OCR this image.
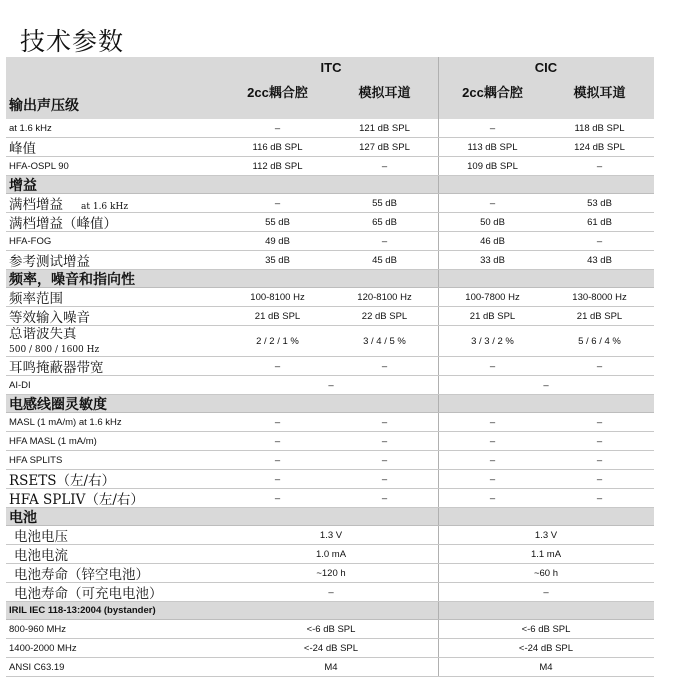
技术参数
输出声压级
ITC
2cc耦合腔	模拟耳道
CIC
2cc耦合腔	模拟耳道
at 1.6 kHz	–	121 dB SPL	–	118 dB SPL
峰值	116 dB SPL	127 dB SPL	113 dB SPL	124 dB SPL
HFA-OSPL 90	112 dB SPL	–	109 dB SPL	–
增益
满档增益 at 1.6 kHz	–	55 dB	–	53 dB
满档增益（峰值）	55 dB	65 dB	50 dB	61 dB
HFA-FOG	49 dB	–	46 dB	–
参考测试增益	35 dB	45 dB	33 dB	43 dB
频率，噪音和指向性
频率范围	100-8100 Hz	120-8100 Hz	100-7800 Hz	130-8000 Hz
等效输入噪音	21 dB SPL	22 dB SPL	21 dB SPL	21 dB SPL
总谐波失真
500 / 800 / 1600 Hz
2 / 2 / 1 %	3 / 4 / 5 %	3 / 3 / 2 %	5 / 6 / 4 %
耳鸣掩蔽器带宽	–	–	–	–
AI-DI	–	–
电感线圈灵敏度
MASL (1 mA/m) at 1.6 kHz	–	–	–	–
HFA MASL (1 mA/m)	–	–	–	–
HFA SPLITS	–	–	–	–
RSETS（左/右）	–	–	–	–
HFA SPLIV（左/右）	–	–	–	–
电池
电池电压	1.3 V	1.3 V
电池电流	1.0 mA	1.1 mA
电池寿命（锌空电池）	~120 h	~60 h
电池寿命（可充电电池）	–	–
IRIL IEC 118-13:2004 (bystander)
800-960 MHz	<-6 dB SPL	<-6 dB SPL
1400-2000 MHz	<-24 dB SPL	<-24 dB SPL
ANSI C63.19	M4	M4
